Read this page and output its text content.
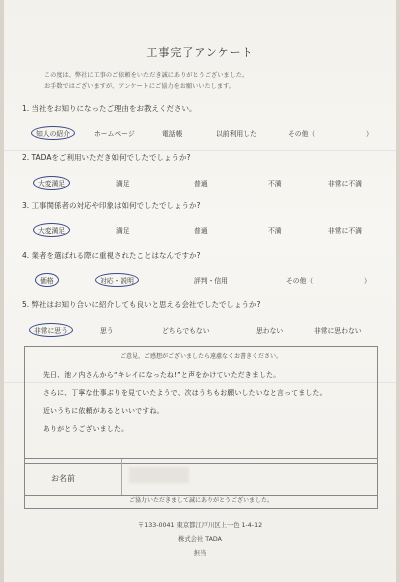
工事完了アンケート
この度は、弊社に工事のご依頼をいただき誠にありがとうございました。
お手数ではございますが、アンケートにご協力をお願いいたします。
1. 当社をお知りになったご理由をお教えください。
知人の紹介	ホームページ	電話帳	以前利用した	その他（	）
2. TADAをご利用いただき如何でしたでしょうか?
大変満足	満足	普通	不満	非常に不満
3. 工事関係者の対応や印象は如何でしたでしょうか?
大変満足	満足	普通	不満	非常に不満
4. 業者を選ばれる際に重視されたことはなんですか?
価格	対応・説明	評判・信用	その他（	）
5. 弊社はお知り合いに紹介しても良いと思える会社でしたでしょうか?
非常に思う	思う	どちらでもない	思わない	非常に思わない
ご意見、ご感想がございましたら遠慮なくお書きください。
先日、池ノ内さんから“キレイになったね!”と声をかけていただきました。
さらに、丁寧な仕事ぶりを見ていたようで、次はうちもお願いしたいなと言ってました。
近いうちに依頼があるといいですね。
ありがとうございました。
お名前
ご協力いただきまして誠にありがとうございました。
〒133-0041 東京都江戸川区上一色 1-4-12
株式会社 TADA
担当
